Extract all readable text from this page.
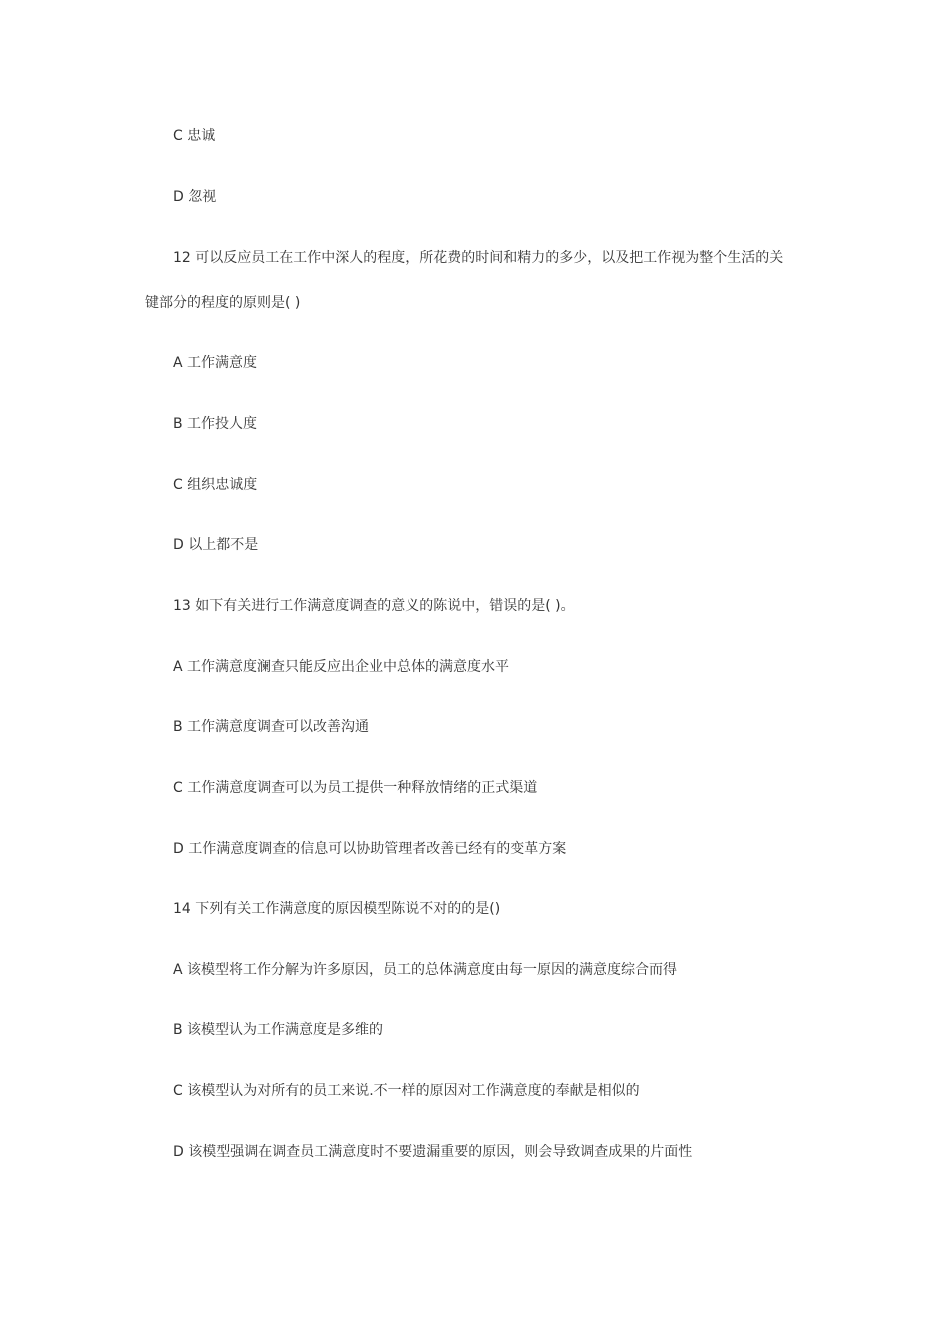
C 忠诚
D 忽视
12 可以反应员工在工作中深人的程度，所花费的时间和精力的多少，以及把工作视为整个生活的关
键部分的程度的原则是( )
A 工作满意度
B 工作投人度
C 组织忠诚度
D 以上都不是
13 如下有关进行工作满意度调查的意义的陈说中，错误的是( )。
A 工作满意度澜查只能反应出企业中总体的满意度水平
B 工作满意度调查可以改善沟通
C 工作满意度调查可以为员工提供一种释放情绪的正式渠道
D 工作满意度调查的信息可以协助管理者改善已经有的变革方案
14 下列有关工作满意度的原因模型陈说不对的的是()
A 该模型将工作分解为许多原因，员工的总体满意度由每一原因的满意度综合而得
B 该模型认为工作满意度是多维的
C 该模型认为对所有的员工来说.不一样的原因对工作满意度的奉献是相似的
D 该模型强调在调查员工满意度时不要遗漏重要的原因，则会导致调查成果的片面性
